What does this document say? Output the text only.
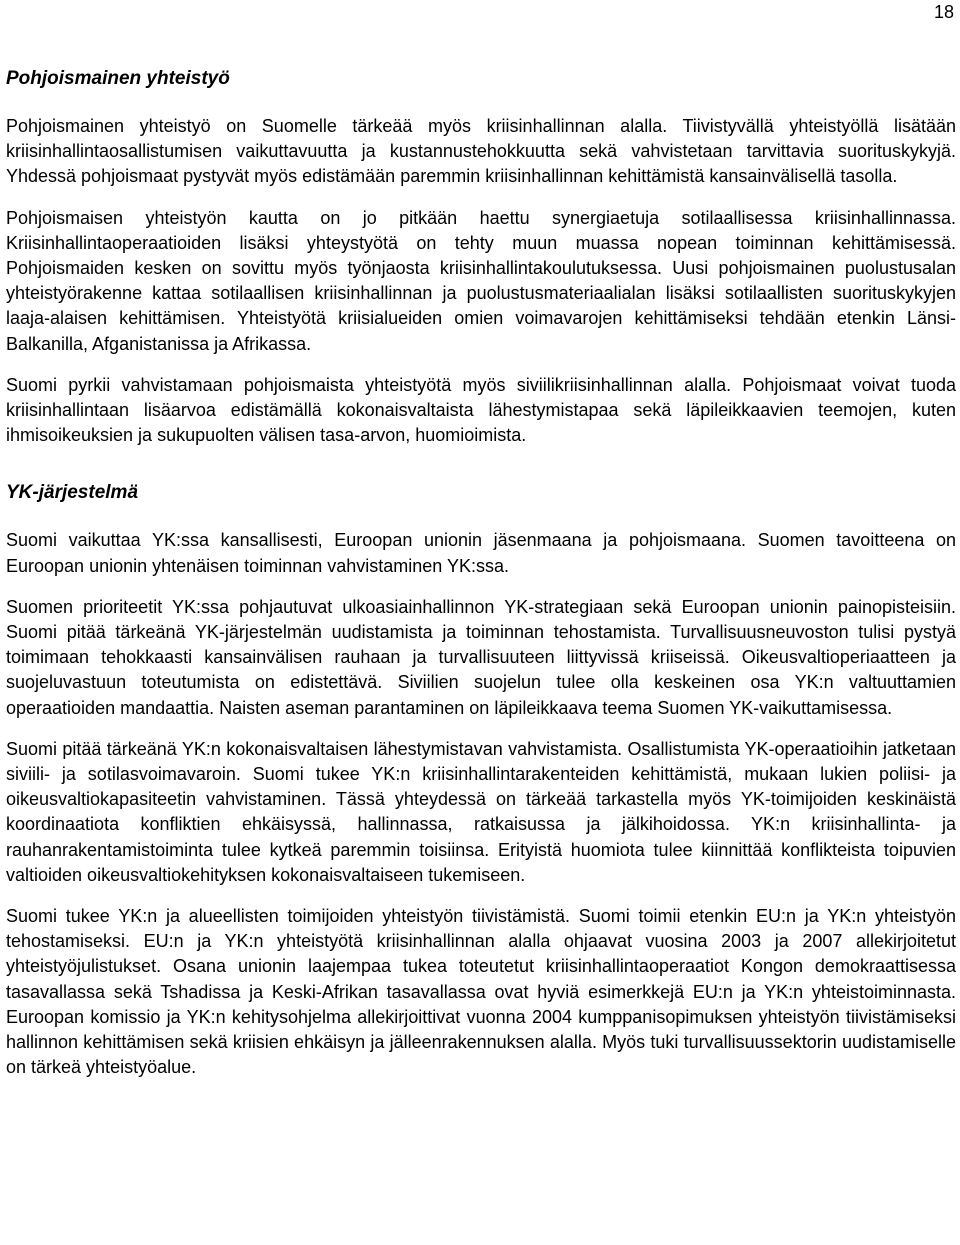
18
Pohjoismainen yhteistyö

Pohjoismainen yhteistyö on Suomelle tärkeää myös kriisinhallinnan alalla. Tiivistyvällä yhteistyöllä lisätään kriisinhallintaosallistumisen vaikuttavuutta ja kustannustehokkuutta sekä vahvistetaan tarvittavia suorituskykyjä. Yhdessä pohjoismaat pystyvät myös edistämään paremmin kriisinhallinnan kehittämistä kansainvälisellä tasolla.

Pohjoismaisen yhteistyön kautta on jo pitkään haettu synergiaetuja sotilaallisessa kriisinhallinnassa. Kriisinhallintaoperaatioiden lisäksi yhteystyötä on tehty muun muassa nopean toiminnan kehittämisessä. Pohjoismaiden kesken on sovittu myös työnjaosta kriisinhallintakoulutuksessa. Uusi pohjoismainen puolustusalan yhteistyörakenne kattaa sotilaallisen kriisinhallinnan ja puolustusmateriaalialan lisäksi sotilaallisten suorituskykyjen laaja-alaisen kehittämisen. Yhteistyötä kriisialueiden omien voimavarojen kehittämiseksi tehdään etenkin Länsi-Balkanilla, Afganistanissa ja Afrikassa.

Suomi pyrkii vahvistamaan pohjoismaista yhteistyötä myös siviilikriisinhallinnan alalla. Pohjoismaat voivat tuoda kriisinhallintaan lisäarvoa edistämällä kokonaisvaltaista lähestymistapaa sekä läpileikkaavien teemojen, kuten ihmisoikeuksien ja sukupuolten välisen tasa-arvon, huomioimista.

YK-järjestelmä

Suomi vaikuttaa YK:ssa kansallisesti, Euroopan unionin jäsenmaana ja pohjoismaana. Suomen tavoitteena on Euroopan unionin yhtenäisen toiminnan vahvistaminen YK:ssa.

Suomen prioriteetit YK:ssa pohjautuvat ulkoasiainhallinnon YK-strategiaan sekä Euroopan unionin painopisteisiin. Suomi pitää tärkeänä YK-järjestelmän uudistamista ja toiminnan tehostamista. Turvallisuusneuvoston tulisi pystyä toimimaan tehokkaasti kansainvälisen rauhaan ja turvallisuuteen liittyvissä kriiseissä. Oikeusvaltioperiaatteen ja suojeluvastuun toteutumista on edistettävä. Siviilien suojelun tulee olla keskeinen osa YK:n valtuuttamien operaatioiden mandaattia. Naisten aseman parantaminen on läpileikkaava teema Suomen YK-vaikuttamisessa.

Suomi pitää tärkeänä YK:n kokonaisvaltaisen lähestymistavan vahvistamista. Osallistumista YK-operaatioihin jatketaan siviili- ja sotilasvoimavaroin. Suomi tukee YK:n kriisinhallintarakenteiden kehittämistä, mukaan lukien poliisi- ja oikeusvaltiokapasiteetin vahvistaminen. Tässä yhteydessä on tärkeää tarkastella myös YK-toimijoiden keskinäistä koordinaatiota konfliktien ehkäisyssä, hallinnassa, ratkaisussa ja jälkihoidossa. YK:n kriisinhallinta- ja rauhanrakentamistoiminta tulee kytkeä paremmin toisiinsa. Erityistä huomiota tulee kiinnittää konflikteista toipuvien valtioiden oikeusvaltiokehityksen kokonaisvaltaiseen tukemiseen.

Suomi tukee YK:n ja alueellisten toimijoiden yhteistyön tiivistämistä. Suomi toimii etenkin EU:n ja YK:n yhteistyön tehostamiseksi. EU:n ja YK:n yhteistyötä kriisinhallinnan alalla ohjaavat vuosina 2003 ja 2007 allekirjoitetut yhteistyöjulistukset. Osana unionin laajempaa tukea toteutetut kriisinhallintaoperaatiot Kongon demokraattisessa tasavallassa sekä Tshadissa ja Keski-Afrikan tasavallassa ovat hyviä esimerkkejä EU:n ja YK:n yhteistoiminnasta. Euroopan komissio ja YK:n kehitysohjelma allekirjoittivat vuonna 2004 kumppanisopimuksen yhteistyön tiivistämiseksi hallinnon kehittämisen sekä kriisien ehkäisyn ja jälleenrakennuksen alalla. Myös tuki turvallisuussektorin uudistamiselle on tärkeä yhteistyöalue.
